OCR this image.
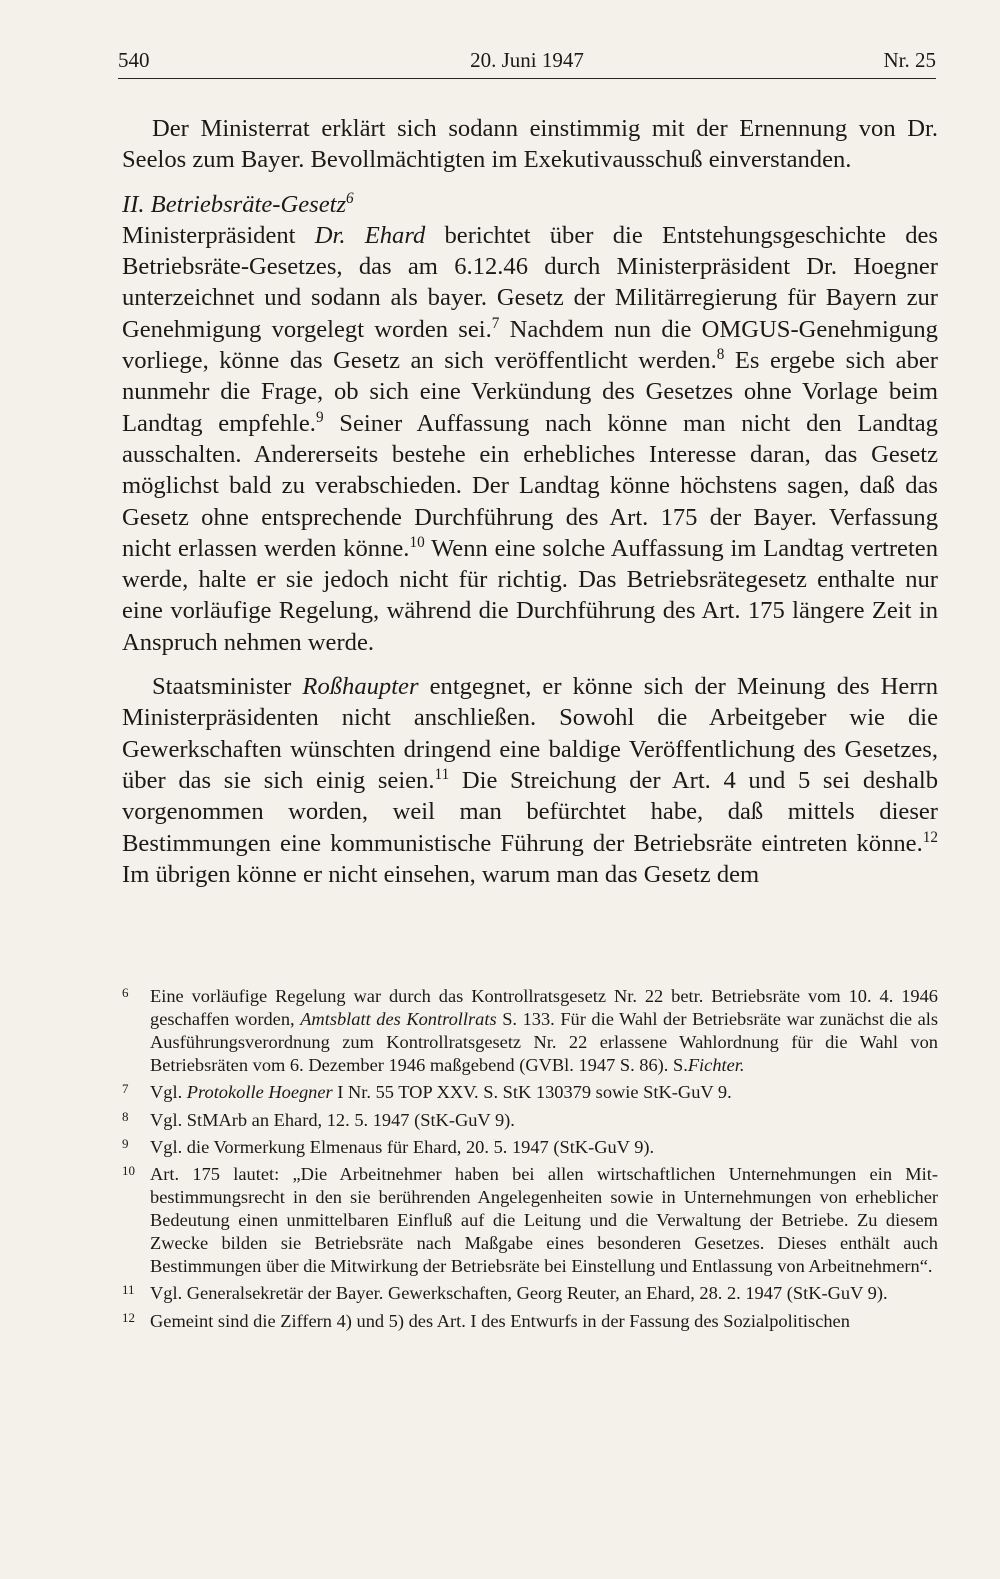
540	20. Juni 1947	Nr. 25

Der Ministerrat erklärt sich sodann einstimmig mit der Ernennung von Dr. Seelos zum Bayer. Bevollmächtigten im Exekutivausschuß einverstanden.

II. Betriebsräte-Gesetz$^6$

Ministerpräsident Dr. Ehard berichtet über die Entstehungsgeschichte des Betriebsräte-Gesetzes, das am 6.12.46 durch Ministerpräsident Dr. Hoegner unterzeichnet und sodann als bayer. Gesetz der Militärregierung für Bayern zur Genehmigung vorgelegt worden sei.$^7$ Nachdem nun die OMGUS-Genehmigung vorliege, könne das Gesetz an sich veröffentlicht werden.$^8$ Es ergebe sich aber nunmehr die Frage, ob sich eine Verkündung des Gesetzes ohne Vorlage beim Landtag empfehle.$^9$ Seiner Auffassung nach könne man nicht den Landtag ausschalten. Andererseits bestehe ein erhebliches Interesse daran, das Gesetz möglichst bald zu verabschieden. Der Landtag könne höchstens sagen, daß das Gesetz ohne entsprechende Durchführung des Art. 175 der Bayer. Verfassung nicht erlassen werden könne.$^{10}$ Wenn eine solche Auffassung im Landtag vertreten werde, halte er sie jedoch nicht für richtig. Das Betriebsrätegesetz enthalte nur eine vorläufige Regelung, während die Durchführung des Art. 175 längere Zeit in Anspruch nehmen werde.

Staatsminister Roßhaupter entgegnet, er könne sich der Meinung des Herrn Ministerpräsidenten nicht anschließen. Sowohl die Arbeitgeber wie die Gewerkschaften wünschten dringend eine baldige Veröffentlichung des Gesetzes, über das sie sich einig seien.$^{11}$ Die Streichung der Art. 4 und 5 sei deshalb vorgenommen worden, weil man befürchtet habe, daß mittels dieser Bestimmungen eine kommunistische Führung der Betriebsräte eintreten könne.$^{12}$ Im übrigen könne er nicht einsehen, warum man das Gesetz dem

6 Eine vorläufige Regelung war durch das Kontrollratsgesetz Nr. 22 betr. Betriebsräte vom 10. 4. 1946 geschaffen worden, Amtsblatt des Kontrollrats S. 133. Für die Wahl der Betriebsräte war zunächst die als Ausführungsverordnung zum Kontrollratsgesetz Nr. 22 erlassene Wahlordnung für die Wahl von Betriebsräten vom 6. Dezember 1946 maßgebend (GVBl. 1947 S. 86). S.Fichter.
7 Vgl. Protokolle Hoegner I Nr. 55 TOP XXV. S. StK 130379 sowie StK-GuV 9.
8 Vgl. StMArb an Ehard, 12. 5. 1947 (StK-GuV 9).
9 Vgl. die Vormerkung Elmenaus für Ehard, 20. 5. 1947 (StK-GuV 9).
10 Art. 175 lautet: „Die Arbeitnehmer haben bei allen wirtschaftlichen Unternehmungen ein Mitbestimmungsrecht in den sie berührenden Angelegenheiten sowie in Unternehmungen von erheblicher Bedeutung einen unmittelbaren Einfluß auf die Leitung und die Verwaltung der Betriebe. Zu diesem Zwecke bilden sie Betriebsräte nach Maßgabe eines besonderen Gesetzes. Dieses enthält auch Bestimmungen über die Mitwirkung der Betriebsräte bei Einstellung und Entlassung von Arbeitnehmern“.
11 Vgl. Generalsekretär der Bayer. Gewerkschaften, Georg Reuter, an Ehard, 28. 2. 1947 (StK-GuV 9).
12 Gemeint sind die Ziffern 4) und 5) des Art. I des Entwurfs in der Fassung des Sozialpolitischen
